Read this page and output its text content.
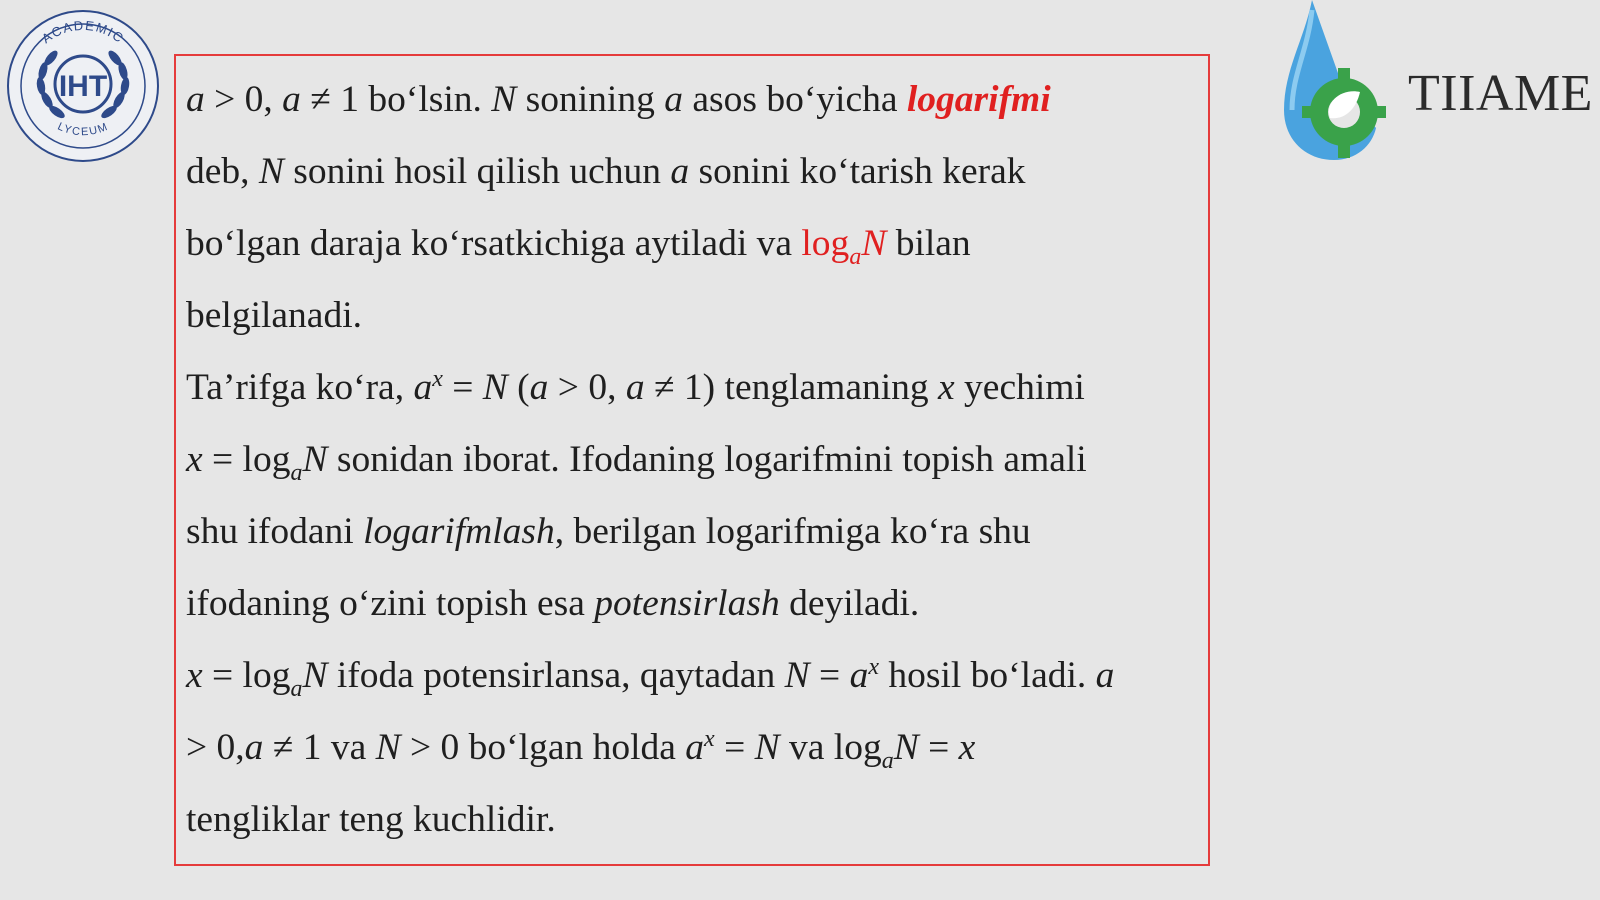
ACADEMIC
LYCEUM
IHT	TIIAME
a > 0, a ≠ 1 bo‘lsin. N sonining a asos bo‘yicha logarifmi
deb, N sonini hosil qilish uchun a sonini ko‘tarish kerak
bo‘lgan daraja ko‘rsatkichiga aytiladi va $\log_aN$ bilan
belgilanadi.
Ta’rifga ko‘ra, $a^x = N$ (a > 0, a ≠ 1) tenglamaning x yechimi
$x = \log_aN$ sonidan iborat. Ifodaning logarifmini topish amali
shu ifodani logarifmlash, berilgan logarifmiga ko‘ra shu
ifodaning o‘zini topish esa potensirlash deyiladi.
$x = \log_aN$ ifoda potensirlansa, qaytadan $N = a^x$ hosil bo‘ladi. a
> 0,a ≠ 1 va N > 0 bo‘lgan holda $a^x = N$ va $\log_aN = x$
tengliklar teng kuchlidir.
